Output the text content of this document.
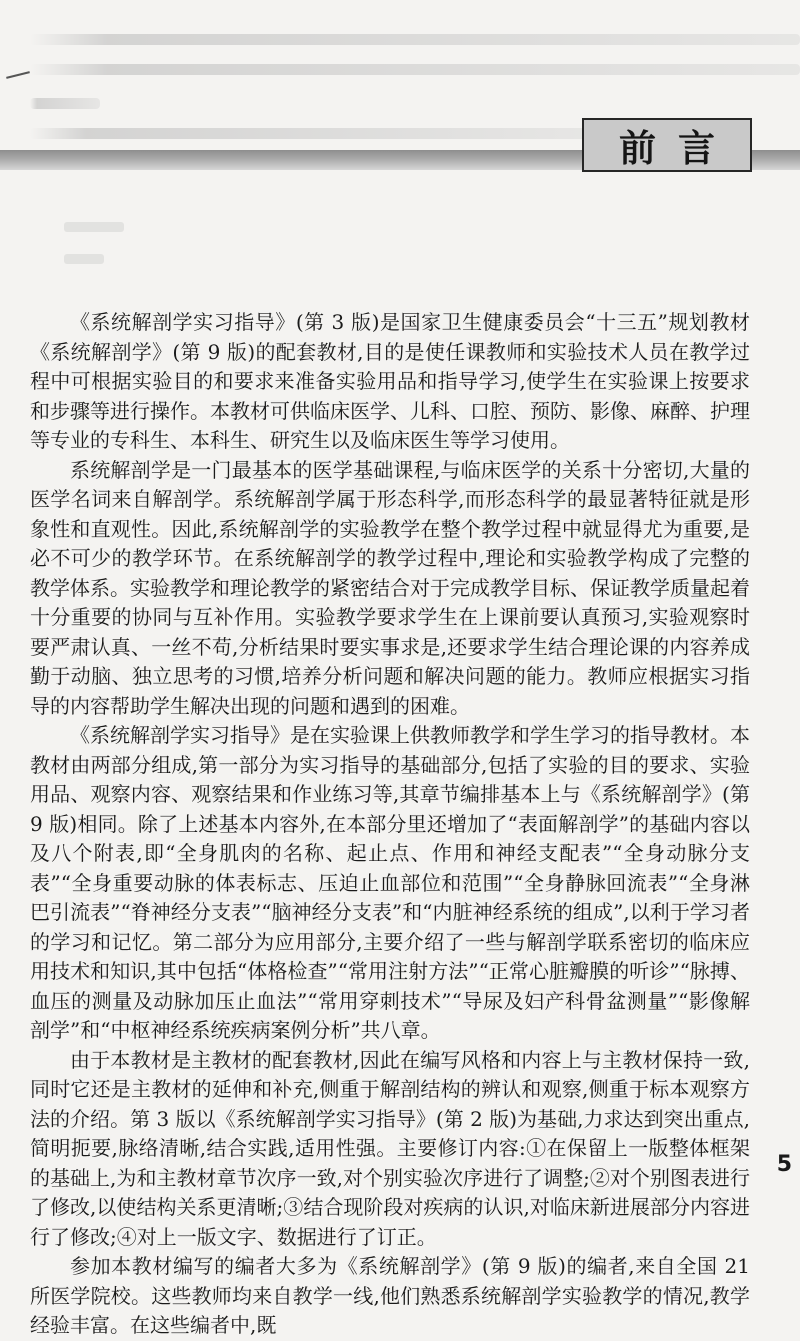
前言

《系统解剖学实习指导》(第 3 版)是国家卫生健康委员会“十三五”规划教材《系统解剖学》(第 9 版)的配套教材,目的是使任课教师和实验技术人员在教学过程中可根据实验目的和要求来准备实验用品和指导学习,使学生在实验课上按要求和步骤等进行操作。本教材可供临床医学、儿科、口腔、预防、影像、麻醉、护理等专业的专科生、本科生、研究生以及临床医生等学习使用。

系统解剖学是一门最基本的医学基础课程,与临床医学的关系十分密切,大量的医学名词来自解剖学。系统解剖学属于形态科学,而形态科学的最显著特征就是形象性和直观性。因此,系统解剖学的实验教学在整个教学过程中就显得尤为重要,是必不可少的教学环节。在系统解剖学的教学过程中,理论和实验教学构成了完整的教学体系。实验教学和理论教学的紧密结合对于完成教学目标、保证教学质量起着十分重要的协同与互补作用。实验教学要求学生在上课前要认真预习,实验观察时要严肃认真、一丝不苟,分析结果时要实事求是,还要求学生结合理论课的内容养成勤于动脑、独立思考的习惯,培养分析问题和解决问题的能力。教师应根据实习指导的内容帮助学生解决出现的问题和遇到的困难。

《系统解剖学实习指导》是在实验课上供教师教学和学生学习的指导教材。本教材由两部分组成,第一部分为实习指导的基础部分,包括了实验的目的要求、实验用品、观察内容、观察结果和作业练习等,其章节编排基本上与《系统解剖学》(第 9 版)相同。除了上述基本内容外,在本部分里还增加了“表面解剖学”的基础内容以及八个附表,即“全身肌肉的名称、起止点、作用和神经支配表”“全身动脉分支表”“全身重要动脉的体表标志、压迫止血部位和范围”“全身静脉回流表”“全身淋巴引流表”“脊神经分支表”“脑神经分支表”和“内脏神经系统的组成”,以利于学习者的学习和记忆。第二部分为应用部分,主要介绍了一些与解剖学联系密切的临床应用技术和知识,其中包括“体格检查”“常用注射方法”“正常心脏瓣膜的听诊”“脉搏、血压的测量及动脉加压止血法”“常用穿刺技术”“导尿及妇产科骨盆测量”“影像解剖学”和“中枢神经系统疾病案例分析”共八章。

由于本教材是主教材的配套教材,因此在编写风格和内容上与主教材保持一致,同时它还是主教材的延伸和补充,侧重于解剖结构的辨认和观察,侧重于标本观察方法的介绍。第 3 版以《系统解剖学实习指导》(第 2 版)为基础,力求达到突出重点,简明扼要,脉络清晰,结合实践,适用性强。主要修订内容:①在保留上一版整体框架的基础上,为和主教材章节次序一致,对个别实验次序进行了调整;②对个别图表进行了修改,以使结构关系更清晰;③结合现阶段对疾病的认识,对临床新进展部分内容进行了修改;④对上一版文字、数据进行了订正。

参加本教材编写的编者大多为《系统解剖学》(第 9 版)的编者,来自全国 21 所医学院校。这些教师均来自教学一线,他们熟悉系统解剖学实验教学的情况,教学经验丰富。在这些编者中,既

5
